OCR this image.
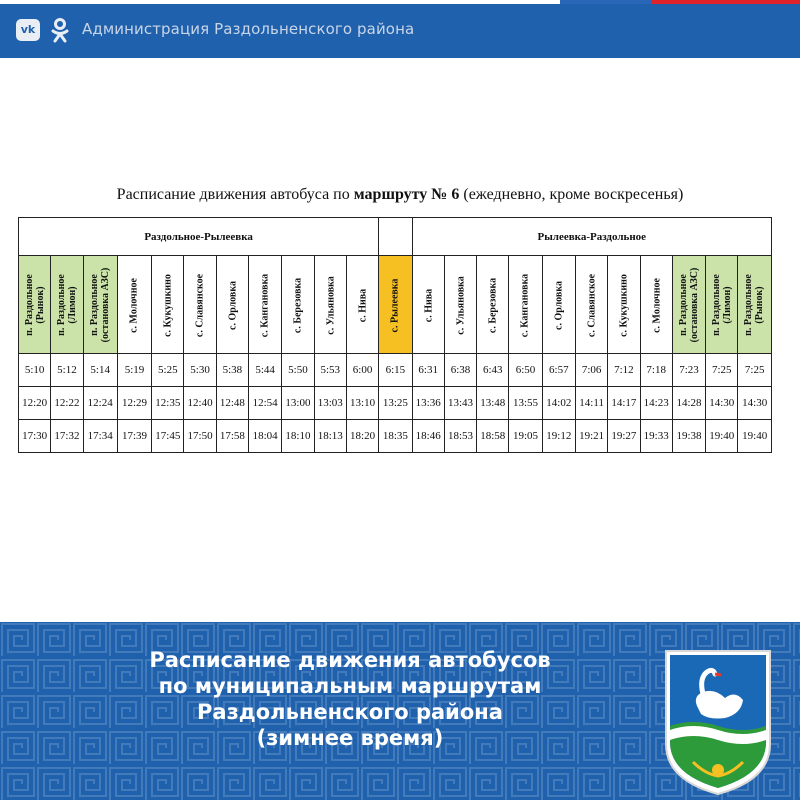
vk	Администрация Раздольненского района
Расписание движения автобуса по маршруту № 6 (ежедневно, кроме воскресенья)
Раздольное-Рылеевка												Рылеевка-Раздольное										
п. Раздольное
(Рынок)	п. Раздольное
(Лимон)	п. Раздольное
(остановка АЗС)	с. Молочное	с. Кукушкино	с. Славянское	с. Орловка	с. Кангановка	с. Березовка	с. Ульяновка	с. Нива	с. Рылеевка	с. Нива	с. Ульяновка	с. Березовка	с. Кангановка	с. Орловка	с. Славянское	с. Кукушкино	с. Молочное	п. Раздольное
(остановка АЗС)	п. Раздольное
(Лимон)	п. Раздольное
(Рынок)
5:10	5:12	5:14	5:19	5:25	5:30	5:38	5:44	5:50	5:53	6:00	6:15	6:31	6:38	6:43	6:50	6:57	7:06	7:12	7:18	7:23	7:25	7:25
12:20	12:22	12:24	12:29	12:35	12:40	12:48	12:54	13:00	13:03	13:10	13:25	13:36	13:43	13:48	13:55	14:02	14:11	14:17	14:23	14:28	14:30	14:30
17:30	17:32	17:34	17:39	17:45	17:50	17:58	18:04	18:10	18:13	18:20	18:35	18:46	18:53	18:58	19:05	19:12	19:21	19:27	19:33	19:38	19:40	19:40
Расписание движения автобусов
по муниципальным маршрутам
Раздольненского района
(зимнее время)
